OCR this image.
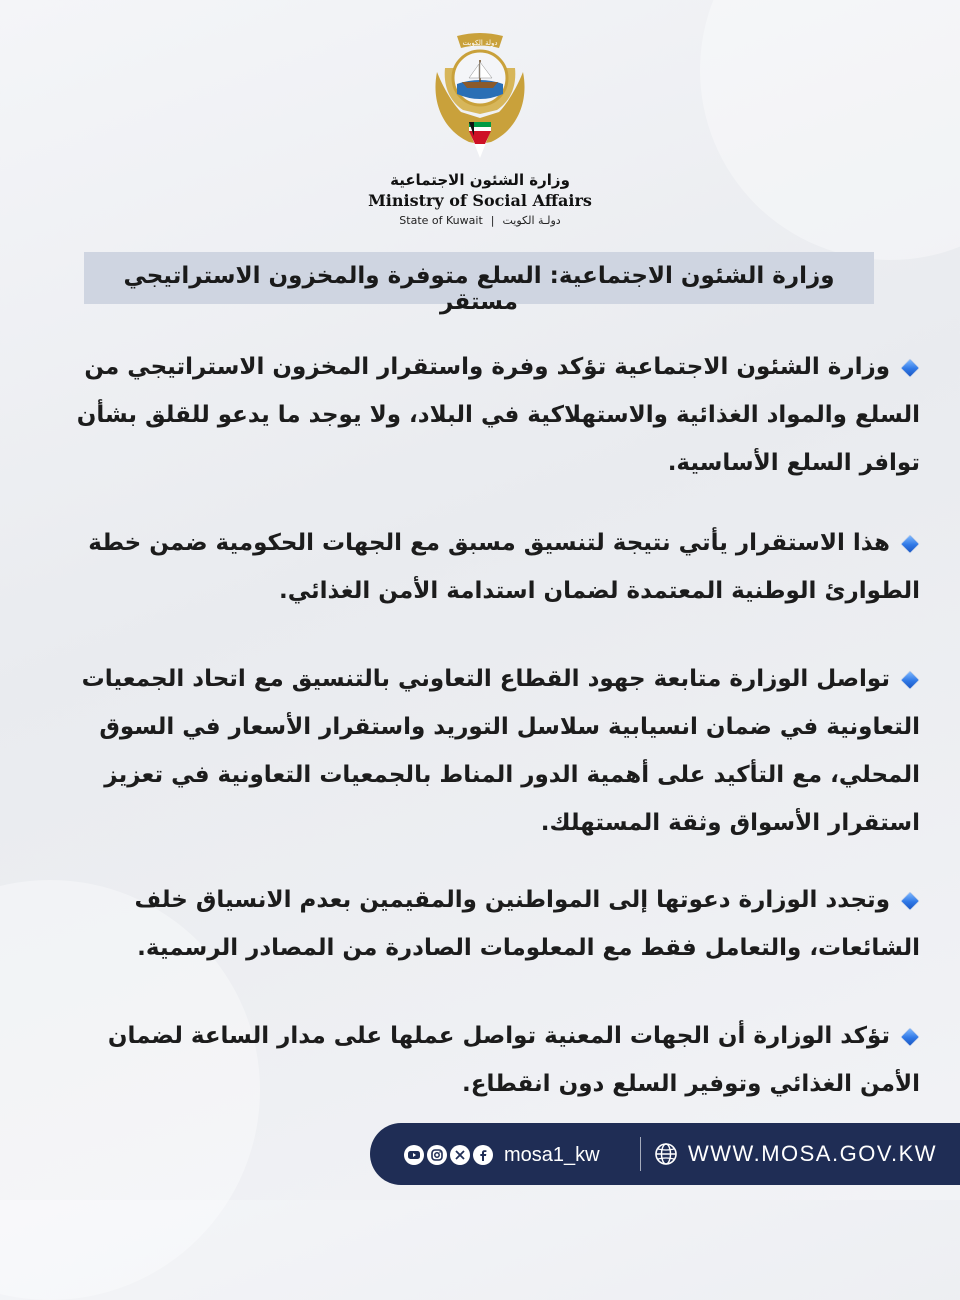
دولة الكويت
وزارة الشئون الاجتماعية
Ministry of Social Affairs
State of Kuwait | دولـة الكويت
وزارة الشئون الاجتماعية: السلع متوفرة والمخزون الاستراتيجي مستقر
وزارة الشئون الاجتماعية تؤكد وفرة واستقرار المخزون الاستراتيجي من السلع والمواد الغذائية والاستهلاكية في البلاد، ولا يوجد ما يدعو للقلق بشأن توافر السلع الأساسية.
هذا الاستقرار يأتي نتيجة لتنسيق مسبق مع الجهات الحكومية ضمن خطة الطوارئ الوطنية المعتمدة لضمان استدامة الأمن الغذائي.
تواصل الوزارة متابعة جهود القطاع التعاوني بالتنسيق مع اتحاد الجمعيات التعاونية في ضمان انسيابية سلاسل التوريد واستقرار الأسعار في السوق المحلي، مع التأكيد على أهمية الدور المناط بالجمعيات التعاونية في تعزيز استقرار الأسواق وثقة المستهلك.
وتجدد الوزارة دعوتها إلى المواطنين والمقيمين بعدم الانسياق خلف الشائعات، والتعامل فقط مع المعلومات الصادرة من المصادر الرسمية.
تؤكد الوزارة أن الجهات المعنية تواصل عملها على مدار الساعة لضمان الأمن الغذائي وتوفير السلع دون انقطاع.
mosa1_kw	WWW.MOSA.GOV.KW
